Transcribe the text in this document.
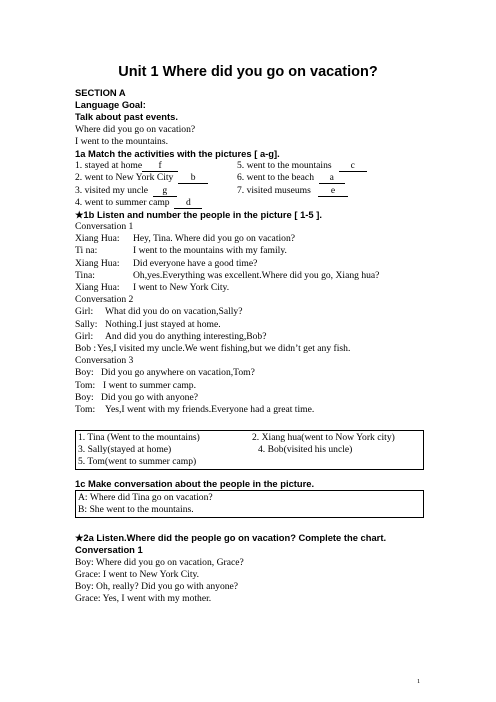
Unit 1 Where did you go on vacation?
SECTION A
Language Goal:
Talk about past events.
Where did you go on vacation?
I went to the mountains.
1a Match the activities with the pictures [ a-g].
1. stayed at home f	5. went to the mountains c
2. went to New York City b	6. went to the beach a
3. visited my uncle g	7. visited museums e
4. went to summer camp d
★1b Listen and number the people in the picture [ 1-5 ].
Conversation 1
Xiang Hua: Hey, Tina. Where did you go on vacation?
Ti na:	I went to the mountains with my family.
Xiang Hua: Did everyone have a good time?
Tina:	Oh,yes.Everything was excellent.Where did you go, Xiang hua?
Xiang Hua: I went to New York City.
Conversation 2
Girl: What did you do on vacation,Sally?
Sally: Nothing.I just stayed at home.
Girl: And did you do anything interesting,Bob?
Bob :Yes,I visited my uncle.We went fishing,but we didn’t get any fish.
Conversation 3
Boy: Did you go anywhere on vacation,Tom?
Tom: I went to summer camp.
Boy: Did you go with anyone?
Tom: Yes,I went with my friends.Everyone had a great time.
1. Tina (Went to the mountains)	2. Xiang hua(went to Now York city)
3. Sally(stayed at home)	4. Bob(visited his uncle)
5. Tom(went to summer camp)
1c Make conversation about the people in the picture.
A: Where did Tina go on vacation?
B: She went to the mountains.
★2a Listen.Where did the people go on vacation? Complete the chart.
Conversation 1
Boy: Where did you go on vacation, Grace?
Grace: I went to New York City.
Boy: Oh, really? Did you go with anyone?
Grace: Yes, I went with my mother.
1
